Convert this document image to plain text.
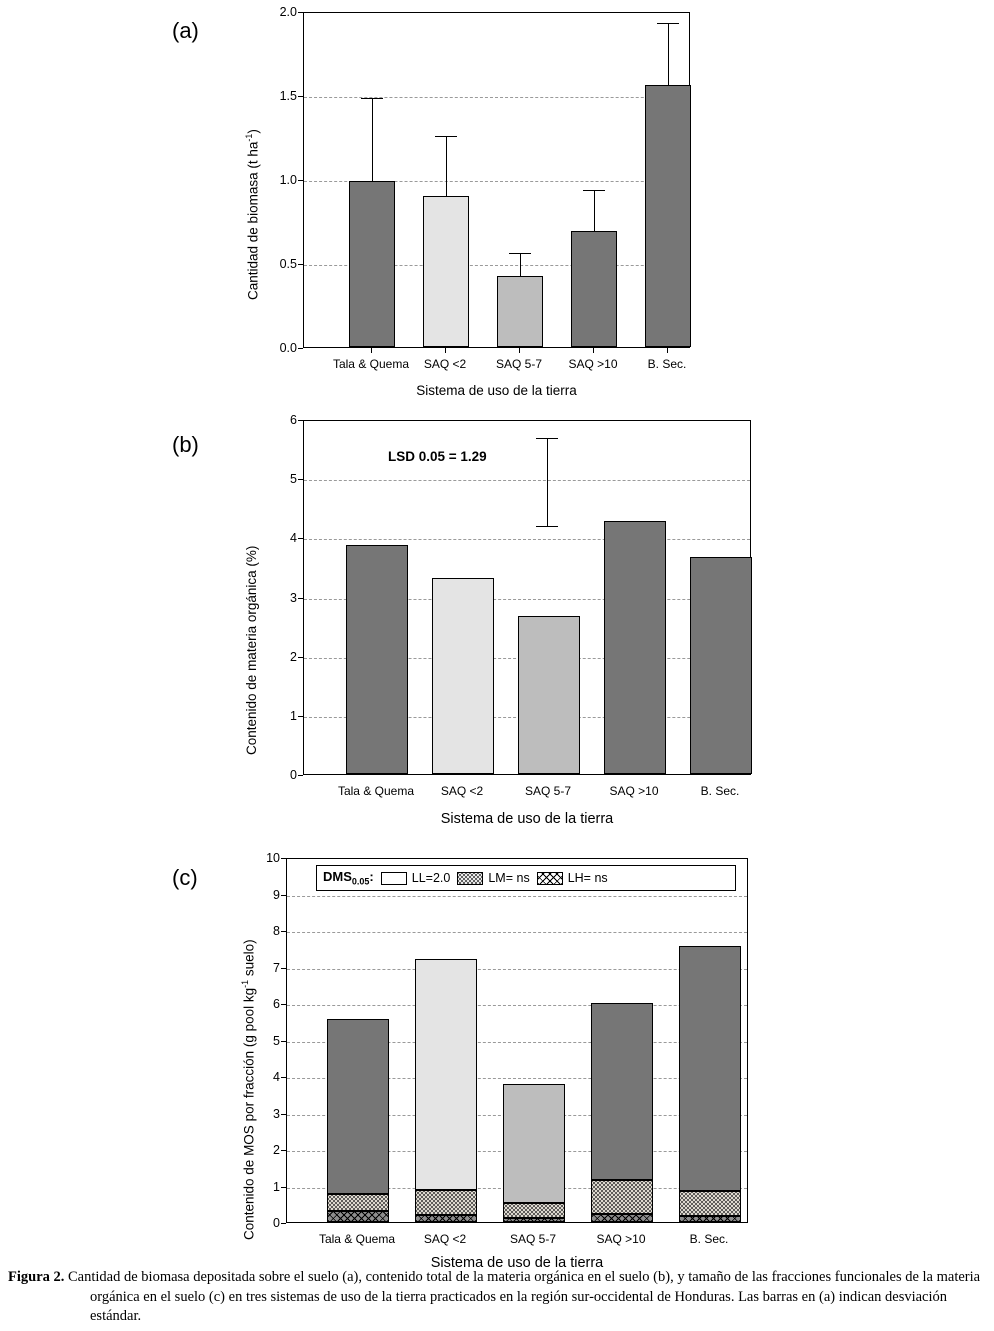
(a)
Cantidad de biomasa (t $ha^{-1}$)
2.0
1.5
1.0
0.5
0.0
Tala & Quema	SAQ <2	SAQ 5-7	SAQ >10	B. Sec.
Sistema de uso de la tierra
(b)
Contenido de materia orgánica (%)
LSD 0.05 = 1.29
6
5
4
3
2
1
0
Tala & Quema	SAQ <2	SAQ 5-7	SAQ >10	B. Sec.
Sistema de uso de la tierra
(c)
Contenido de MOS por fracción (g pool $kg^{-1}$ suelo)
$DMS_{0.05}$:	LL=2.0	LM= ns	LH= ns
10
9
8
7
6
5
4
3
2
1
0
Tala & Quema	SAQ <2	SAQ 5-7	SAQ >10	B. Sec.
Sistema de uso de la tierra
Figura 2. Cantidad de biomasa depositada sobre el suelo (a), contenido total de la materia orgánica en el suelo (b), y tamaño de las fracciones funcionales de la materia orgánica en el suelo (c) en tres sistemas de uso de la tierra practicados en la región sur-occidental de Honduras. Las barras en (a) indican desviación estándar.
